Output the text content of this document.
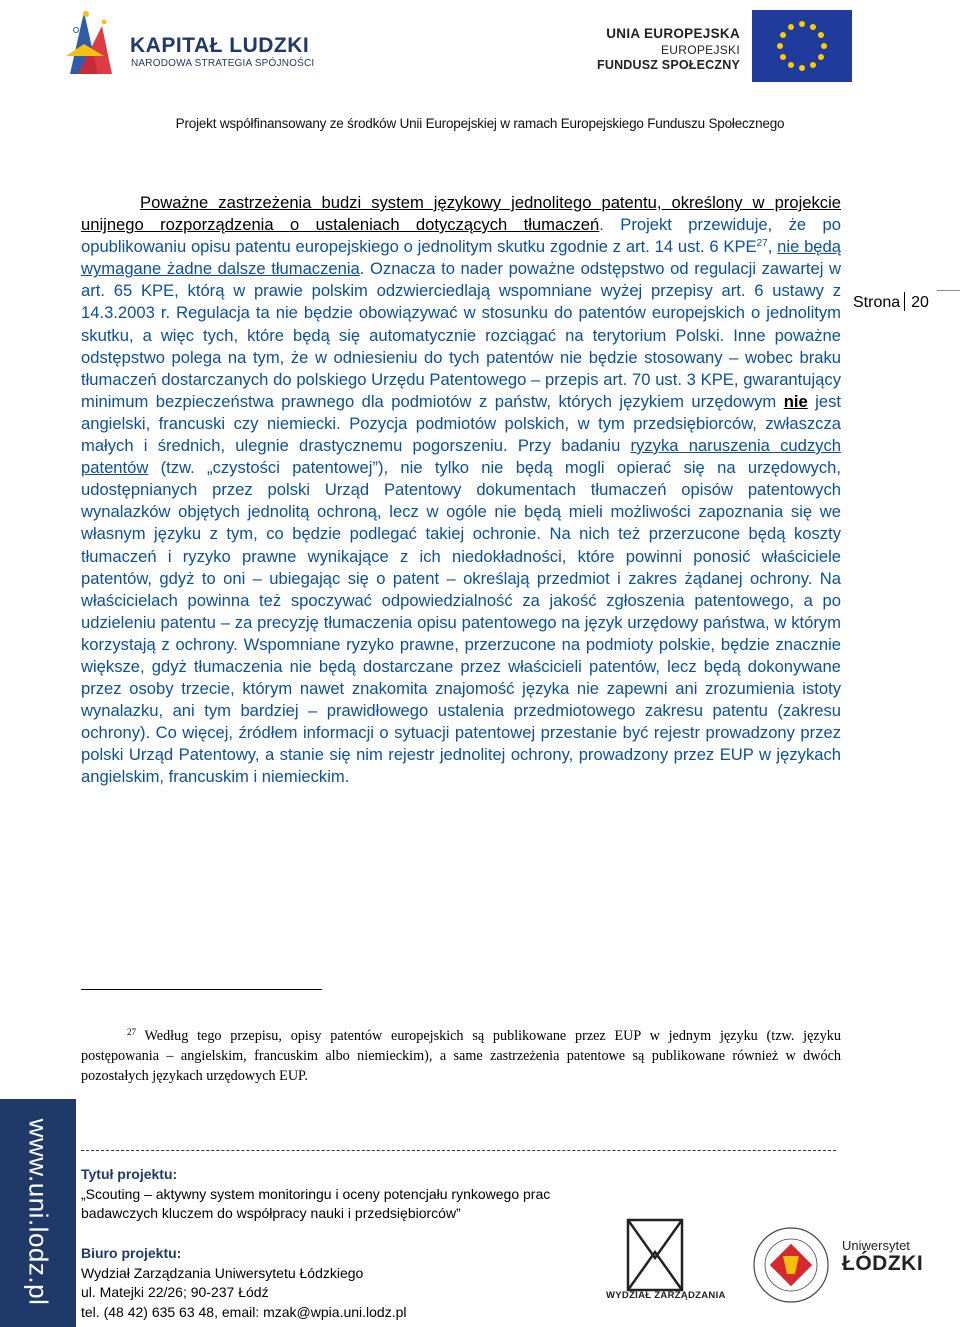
KAPITAŁ LUDZKI
NARODOWA STRATEGIA SPÓJNOŚCI
UNIA EUROPEJSKA
EUROPEJSKI
FUNDUSZ SPOŁECZNY
Projekt współfinansowany ze środków Unii Europejskiej w ramach Europejskiego Funduszu Społecznego

Poważne zastrzeżenia budzi system językowy jednolitego patentu, określony w projekcie unijnego rozporządzenia o ustaleniach dotyczących tłumaczeń. Projekt przewiduje, że po opublikowaniu opisu patentu europejskiego o jednolitym skutku zgodnie z art. 14 ust. 6 KPE$^{27}$, nie będą wymagane żadne dalsze tłumaczenia. Oznacza to nader poważne odstępstwo od regulacji zawartej w art. 65 KPE, którą w prawie polskim odzwierciedlają wspomniane wyżej przepisy art. 6 ustawy z 14.3.2003 r. Regulacja ta nie będzie obowiązywać w stosunku do patentów europejskich o jednolitym skutku, a więc tych, które będą się automatycznie rozciągać na terytorium Polski. Inne poważne odstępstwo polega na tym, że w odniesieniu do tych patentów nie będzie stosowany – wobec braku tłumaczeń dostarczanych do polskiego Urzędu Patentowego – przepis art. 70 ust. 3 KPE, gwarantujący minimum bezpieczeństwa prawnego dla podmiotów z państw, których językiem urzędowym nie jest angielski, francuski czy niemiecki. Pozycja podmiotów polskich, w tym przedsiębiorców, zwłaszcza małych i średnich, ulegnie drastycznemu pogorszeniu. Przy badaniu ryzyka naruszenia cudzych patentów (tzw. „czystości patentowej”), nie tylko nie będą mogli opierać się na urzędowych, udostępnianych przez polski Urząd Patentowy dokumentach tłumaczeń opisów patentowych wynalazków objętych jednolitą ochroną, lecz w ogóle nie będą mieli możliwości zapoznania się we własnym języku z tym, co będzie podlegać takiej ochronie. Na nich też przerzucone będą koszty tłumaczeń i ryzyko prawne wynikające z ich niedokładności, które powinni ponosić właściciele patentów, gdyż to oni – ubiegając się o patent – określają przedmiot i zakres żądanej ochrony. Na właścicielach powinna też spoczywać odpowiedzialność za jakość zgłoszenia patentowego, a po udzieleniu patentu – za precyzję tłumaczenia opisu patentowego na język urzędowy państwa, w którym korzystają z ochrony. Wspomniane ryzyko prawne, przerzucone na podmioty polskie, będzie znacznie większe, gdyż tłumaczenia nie będą dostarczane przez właścicieli patentów, lecz będą dokonywane przez osoby trzecie, którym nawet znakomita znajomość języka nie zapewni ani zrozumienia istoty wynalazku, ani tym bardziej – prawidłowego ustalenia przedmiotowego zakresu patentu (zakresu ochrony). Co więcej, źródłem informacji o sytuacji patentowej przestanie być rejestr prowadzony przez polski Urząd Patentowy, a stanie się nim rejestr jednolitej ochrony, prowadzony przez EUP w językach angielskim, francuskim i niemieckim.

Strona 20

$^{27}$ Według tego przepisu, opisy patentów europejskich są publikowane przez EUP w jednym języku (tzw. języku postępowania – angielskim, francuskim albo niemieckim), a same zastrzeżenia patentowe są publikowane również w dwóch pozostałych językach urzędowych EUP.

www.uni.lodz.pl Tytuł projektu:
„Scouting – aktywny system monitoringu i oceny potencjału rynkowego prac
badawczych kluczem do współpracy nauki i przedsiębiorców”
Biuro projektu:
Wydział Zarządzania Uniwersytetu Łódzkiego
ul. Matejki 22/26; 90-237 Łódź
tel. (48 42) 635 63 48, email: mzak@wpia.uni.lodz.pl
WYDZIAŁ ZARZĄDZANIA
Uniwersytet
ŁÓDZKI
